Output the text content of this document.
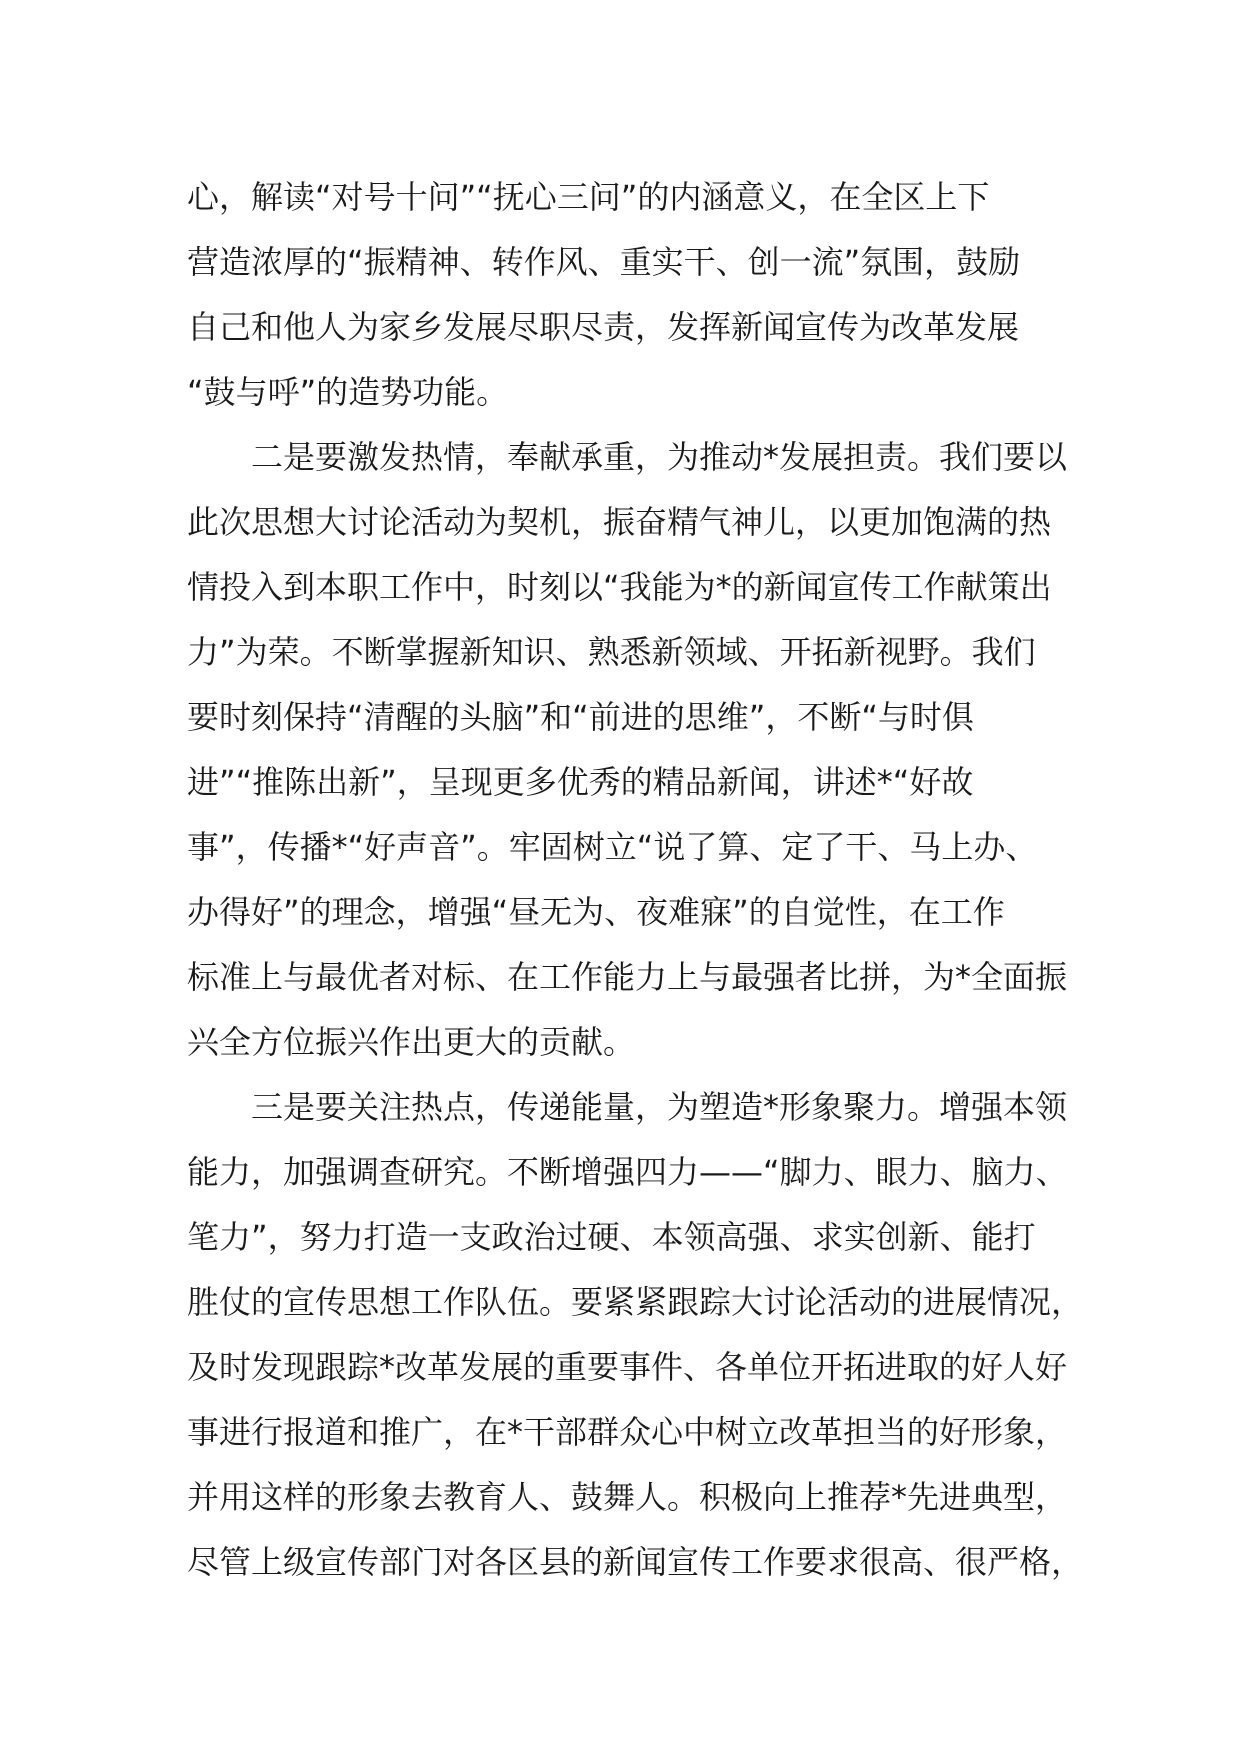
心，解读“对号十问”“抚心三问”的内涵意义，在全区上下
营造浓厚的“振精神、转作风、重实干、创一流”氛围，鼓励
自己和他人为家乡发展尽职尽责，发挥新闻宣传为改革发展
“鼓与呼”的造势功能。
二是要激发热情，奉献承重，为推动*发展担责。我们要以
此次思想大讨论活动为契机，振奋精气神儿，以更加饱满的热
情投入到本职工作中，时刻以“我能为*的新闻宣传工作献策出
力”为荣。不断掌握新知识、熟悉新领域、开拓新视野。我们
要时刻保持“清醒的头脑”和“前进的思维”，不断“与时俱
进”“推陈出新”，呈现更多优秀的精品新闻，讲述*“好故
事”，传播*“好声音”。牢固树立“说了算、定了干、马上办、
办得好”的理念，增强“昼无为、夜难寐”的自觉性，在工作
标准上与最优者对标、在工作能力上与最强者比拼，为*全面振
兴全方位振兴作出更大的贡献。
三是要关注热点，传递能量，为塑造*形象聚力。增强本领
能力，加强调查研究。不断增强四力——“脚力、眼力、脑力、
笔力”，努力打造一支政治过硬、本领高强、求实创新、能打
胜仗的宣传思想工作队伍。要紧紧跟踪大讨论活动的进展情况，
及时发现跟踪*改革发展的重要事件、各单位开拓进取的好人好
事进行报道和推广，在*干部群众心中树立改革担当的好形象，
并用这样的形象去教育人、鼓舞人。积极向上推荐*先进典型，
尽管上级宣传部门对各区县的新闻宣传工作要求很高、很严格，
